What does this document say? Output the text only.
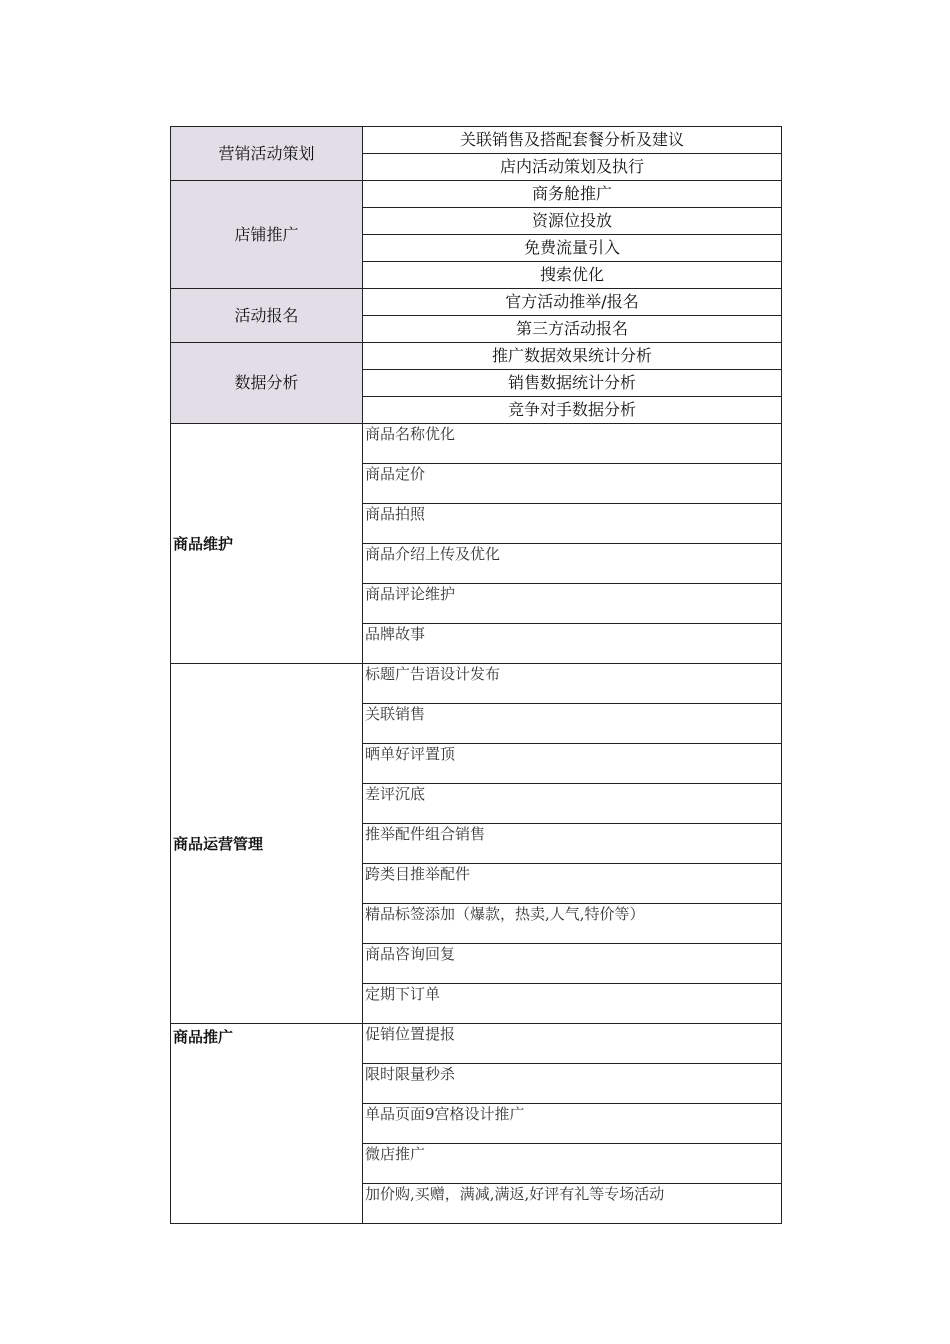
营销活动策划	关联销售及搭配套餐分析及建议
	店内活动策划及执行
店铺推广	商务舱推广
	资源位投放
	免费流量引入
	搜索优化
活动报名	官方活动推举/报名
	第三方活动报名
数据分析	推广数据效果统计分析
	销售数据统计分析
	竞争对手数据分析
商品维护	商品名称优化
	商品定价
	商品拍照
	商品介绍上传及优化
	商品评论维护
	品牌故事
商品运营管理	标题广告语设计发布
	关联销售
	晒单好评置顶
	差评沉底
	推举配件组合销售
	跨类目推举配件
	精品标签添加（爆款，热卖,人气,特价等）
	商品咨询回复
	定期下订单
商品推广	促销位置提报
	限时限量秒杀
	单品页面9宫格设计推广
	微店推广
	加价购,买赠，满减,满返,好评有礼等专场活动
